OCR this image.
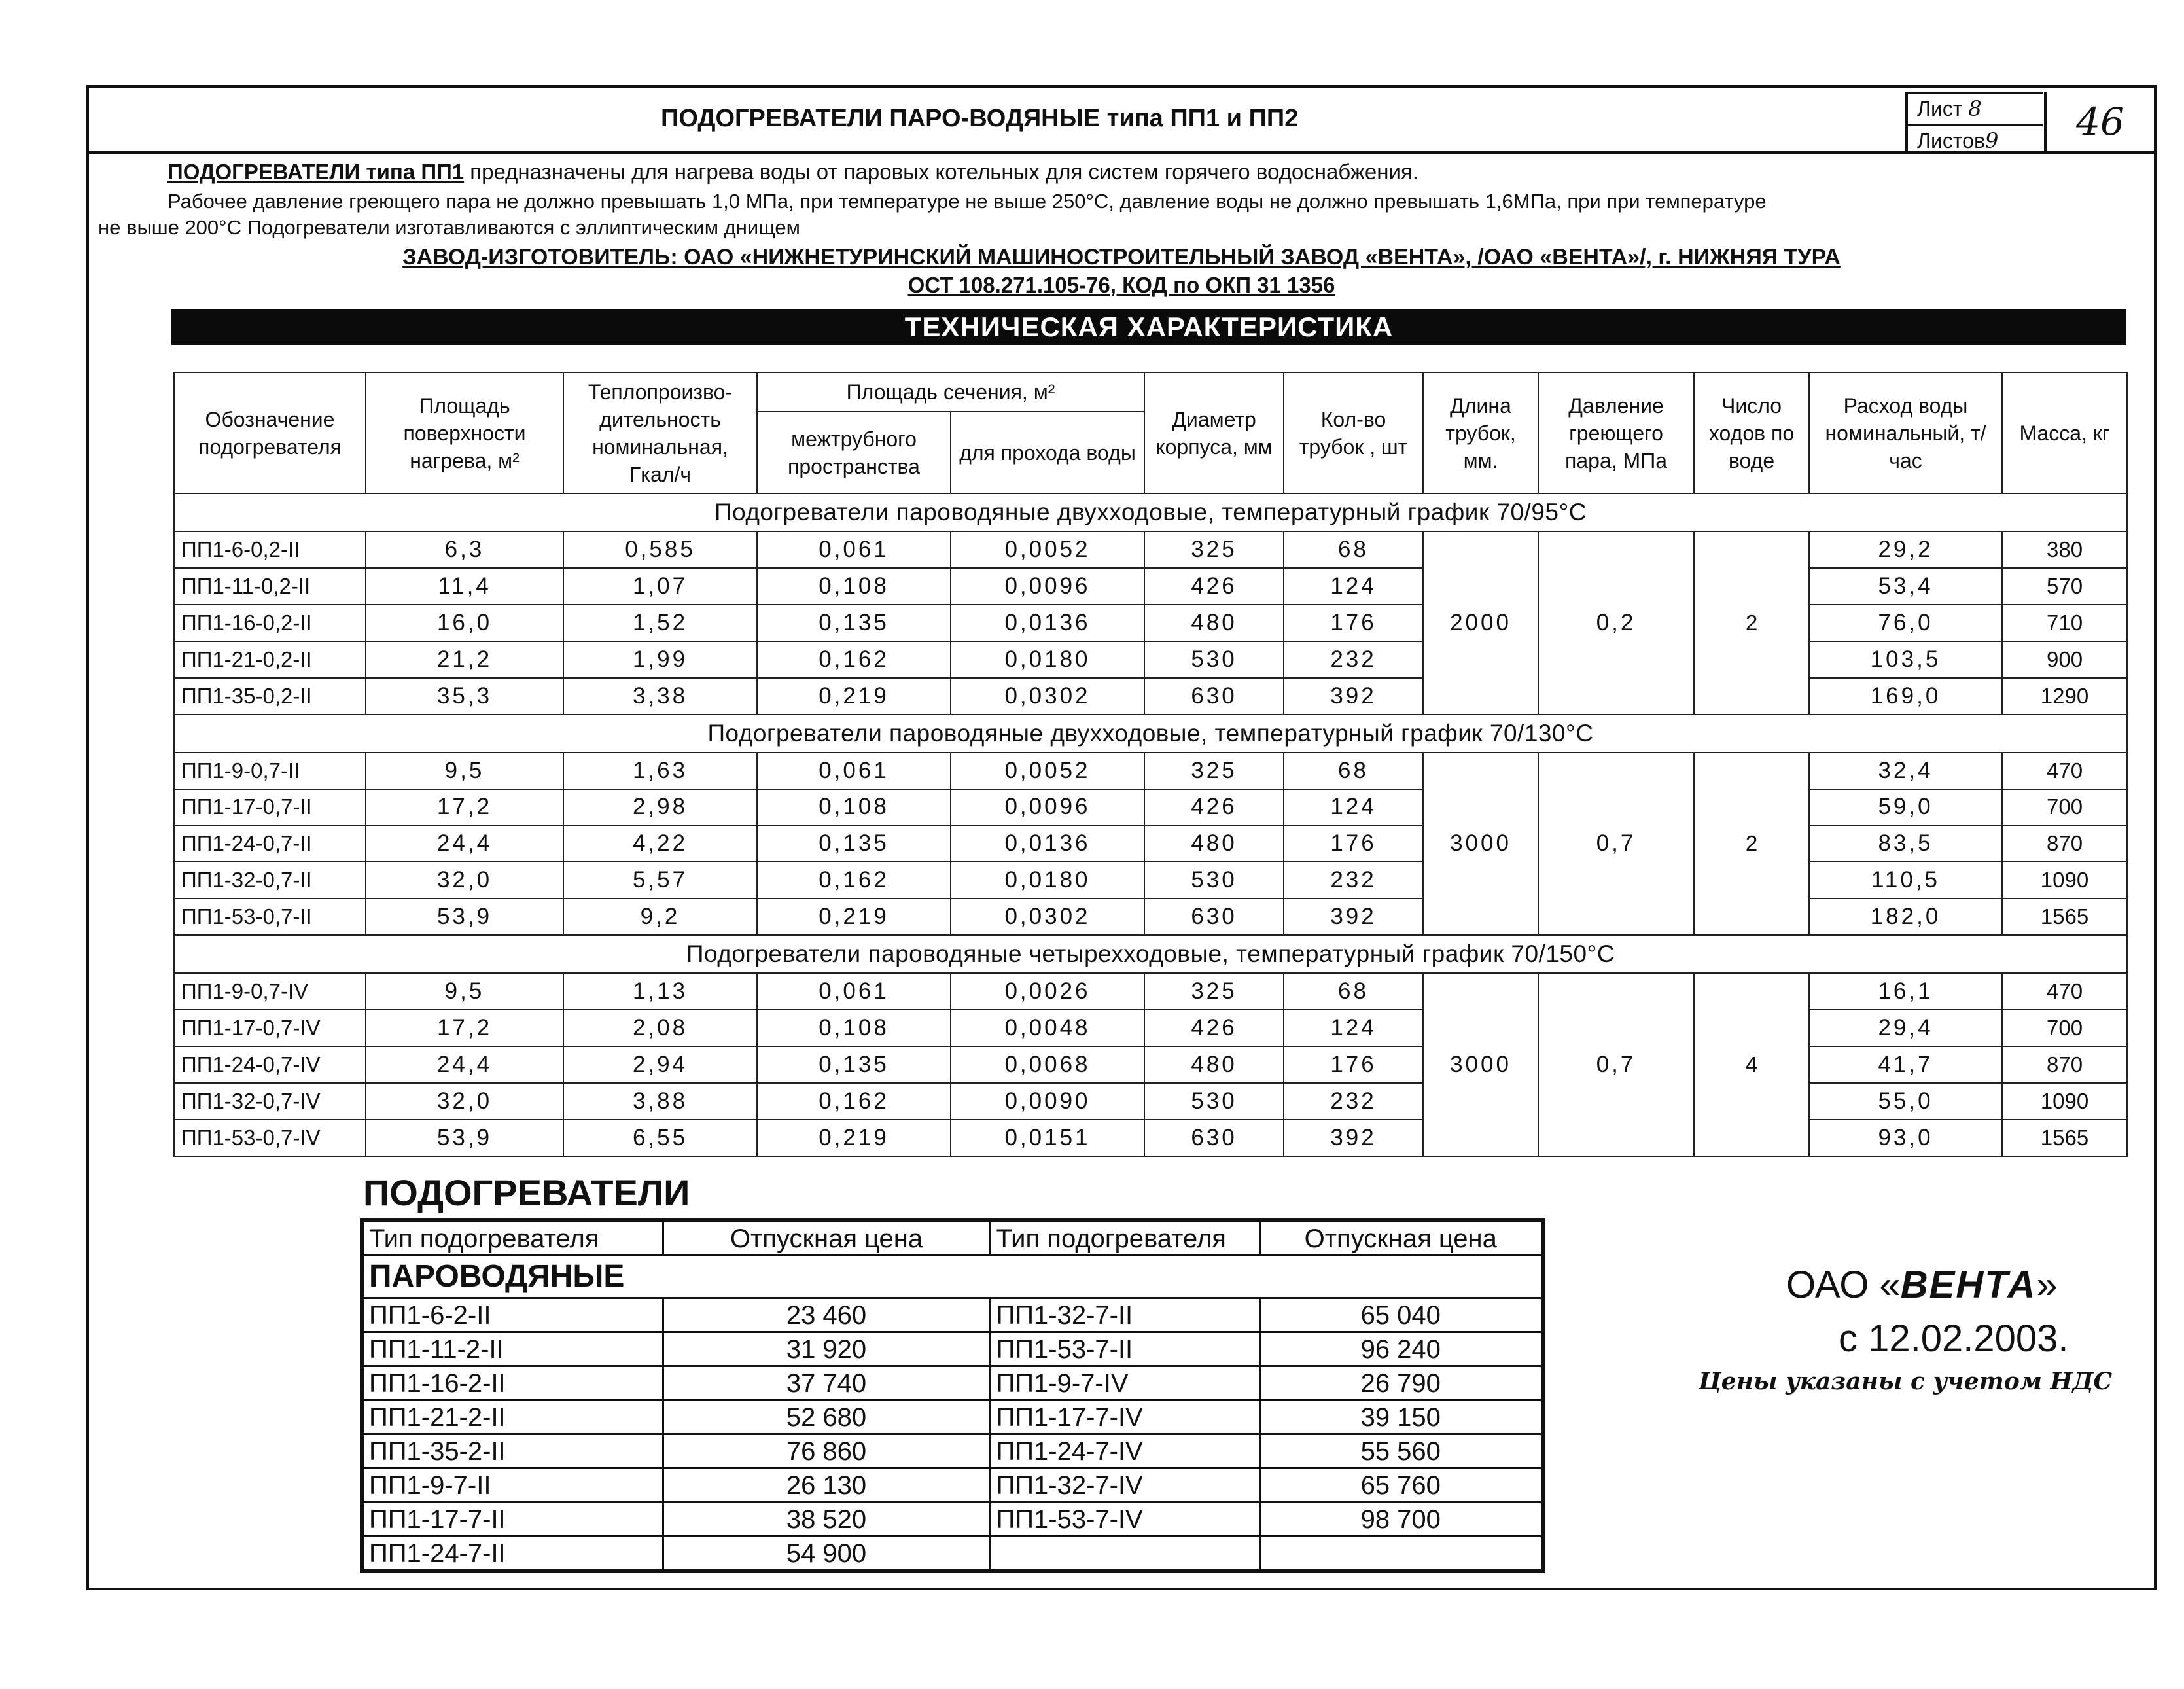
ПОДОГРЕВАТЕЛИ ПАРО-ВОДЯНЫЕ типа ПП1 и ПП2	Лист 8
Листов9	46
ПОДОГРЕВАТЕЛИ типа ПП1 предназначены для нагрева воды от паровых котельных для систем горячего водоснабжения.
Рабочее давление греющего пара не должно превышать 1,0 МПа, при температуре не выше 250°С, давление воды не должно превышать 1,6МПа, при при температуре
не выше 200°С Подогреватели изготавливаются с эллиптическим днищем
ЗАВОД-ИЗГОТОВИТЕЛЬ: ОАО «НИЖНЕТУРИНСКИЙ МАШИНОСТРОИТЕЛЬНЫЙ ЗАВОД «ВЕНТА», /ОАО «ВЕНТА»/, г. НИЖНЯЯ ТУРА
ОСТ 108.271.105-76, КОД по ОКП 31 1356
ТЕХНИЧЕСКАЯ ХАРАКТЕРИСТИКА
Обозначение подогревателя	Площадь поверхности нагрева, м²	Теплопроизво-дительность номинальная, Гкал/ч	Площадь сечения, м²		Диаметр корпуса, мм	Кол-во трубок , шт	Длина трубок, мм.	Давление греющего пара, МПа	Число ходов по воде	Расход воды номинальный, т/час	Масса, кг
			межтрубного пространства	для прохода воды							
Подогреватели пароводяные двухходовые, температурный график 70/95°С											
ПП1-6-0,2-II	6,3	0,585	0,061	0,0052	325	68	2000	0,2	2	29,2	380
ПП1-11-0,2-II	11,4	1,07	0,108	0,0096	426	124				53,4	570
ПП1-16-0,2-II	16,0	1,52	0,135	0,0136	480	176				76,0	710
ПП1-21-0,2-II	21,2	1,99	0,162	0,0180	530	232				103,5	900
ПП1-35-0,2-II	35,3	3,38	0,219	0,0302	630	392				169,0	1290
Подогреватели пароводяные двухходовые, температурный график 70/130°С											
ПП1-9-0,7-II	9,5	1,63	0,061	0,0052	325	68	3000	0,7	2	32,4	470
ПП1-17-0,7-II	17,2	2,98	0,108	0,0096	426	124				59,0	700
ПП1-24-0,7-II	24,4	4,22	0,135	0,0136	480	176				83,5	870
ПП1-32-0,7-II	32,0	5,57	0,162	0,0180	530	232				110,5	1090
ПП1-53-0,7-II	53,9	9,2	0,219	0,0302	630	392				182,0	1565
Подогреватели пароводяные четырехходовые, температурный график 70/150°С											
ПП1-9-0,7-IV	9,5	1,13	0,061	0,0026	325	68	3000	0,7	4	16,1	470
ПП1-17-0,7-IV	17,2	2,08	0,108	0,0048	426	124				29,4	700
ПП1-24-0,7-IV	24,4	2,94	0,135	0,0068	480	176				41,7	870
ПП1-32-0,7-IV	32,0	3,88	0,162	0,0090	530	232				55,0	1090
ПП1-53-0,7-IV	53,9	6,55	0,219	0,0151	630	392				93,0	1565
ПОДОГРЕВАТЕЛИ
Тип подогревателя	Отпускная цена	Тип подогревателя	Отпускная цена
ПАРОВОДЯНЫЕ			
ПП1-6-2-II	23 460	ПП1-32-7-II	65 040
ПП1-11-2-II	31 920	ПП1-53-7-II	96 240
ПП1-16-2-II	37 740	ПП1-9-7-IV	26 790
ПП1-21-2-II	52 680	ПП1-17-7-IV	39 150
ПП1-35-2-II	76 860	ПП1-24-7-IV	55 560
ПП1-9-7-II	26 130	ПП1-32-7-IV	65 760
ПП1-17-7-II	38 520	ПП1-53-7-IV	98 700
ПП1-24-7-II	54 900		
ОАО «ВЕНТА»
с 12.02.2003.
Цены указаны с учетом НДС
